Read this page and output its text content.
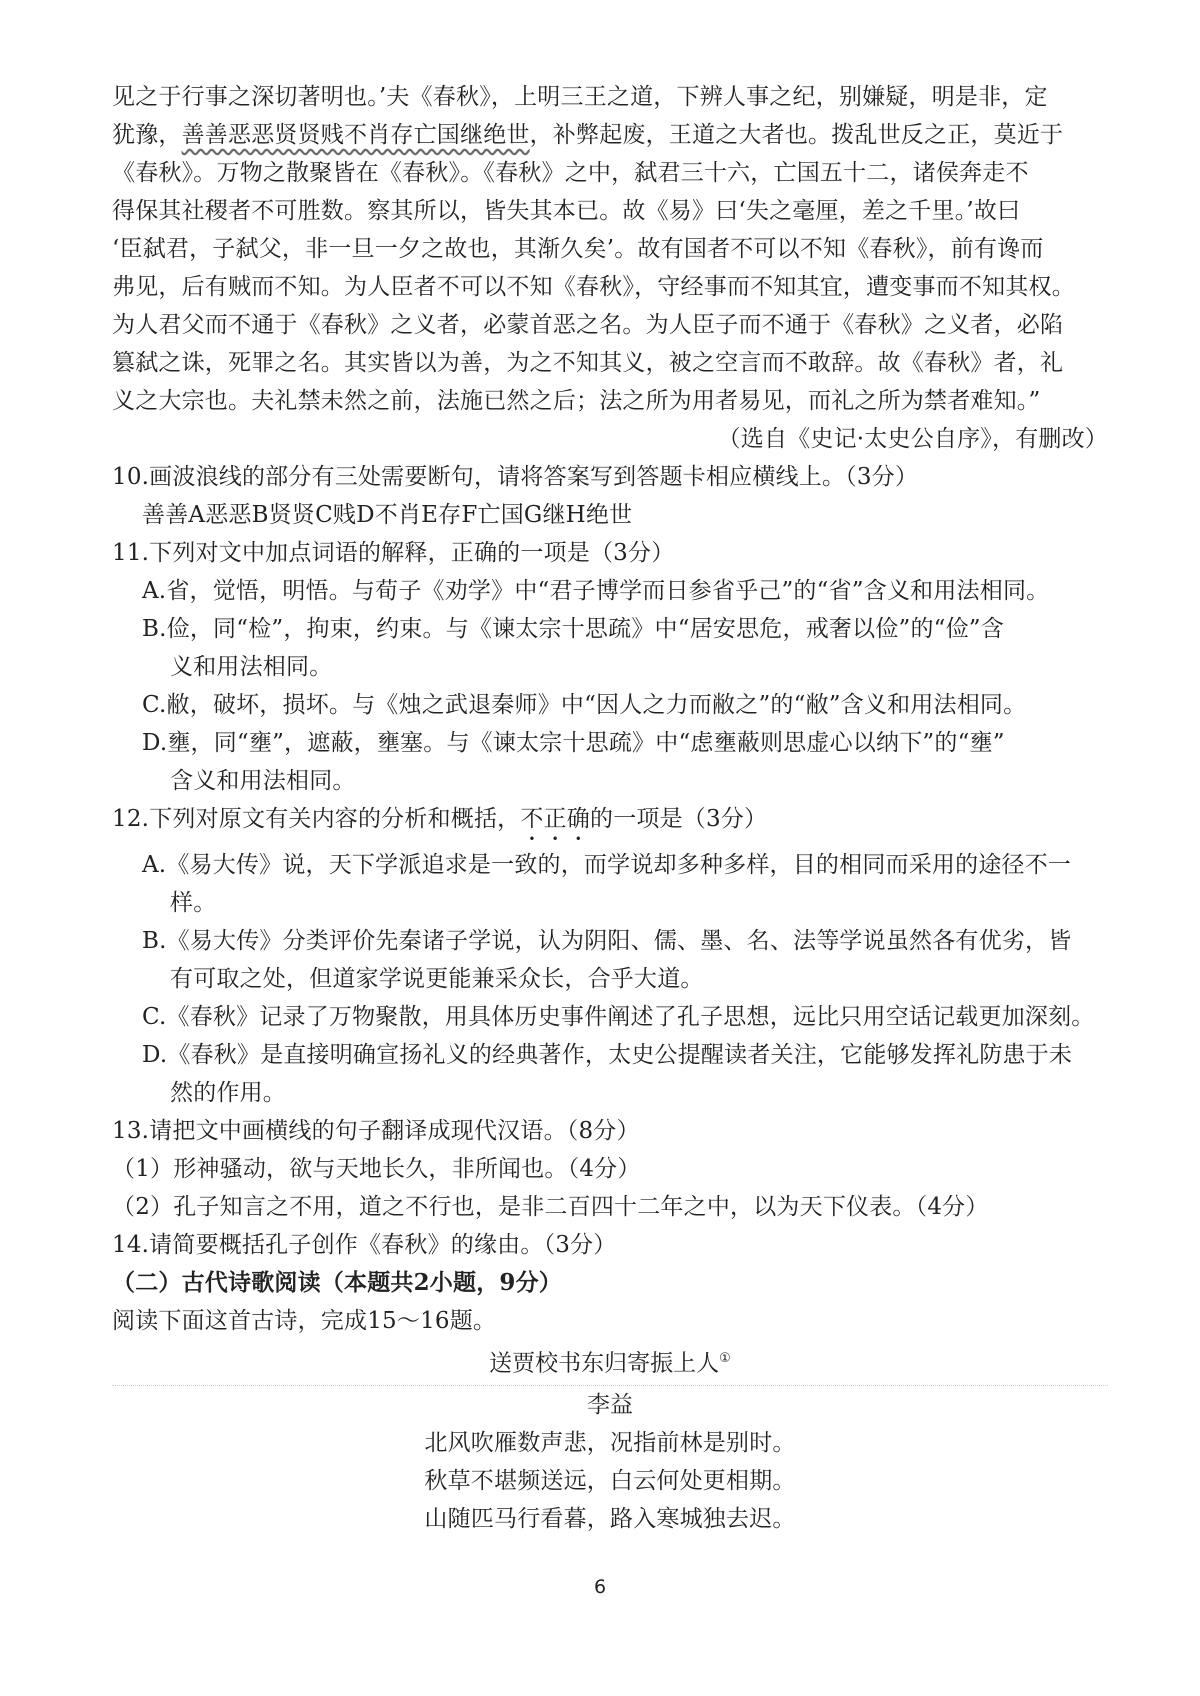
见之于行事之深切著明也。’夫《春秋》，上明三王之道，下辨人事之纪，别嫌疑，明是非，定
犹豫，善善恶恶贤贤贱不肖存亡国继绝世，补弊起废，王道之大者也。拨乱世反之正，莫近于
《春秋》。万物之散聚皆在《春秋》。《春秋》之中，弑君三十六，亡国五十二，诸侯奔走不
得保其社稷者不可胜数。察其所以，皆失其本已。故《易》曰‘失之毫厘，差之千里。’故曰
‘臣弑君，子弑父，非一旦一夕之故也，其渐久矣’。故有国者不可以不知《春秋》，前有谗而
弗见，后有贼而不知。为人臣者不可以不知《春秋》，守经事而不知其宜，遭变事而不知其权。
为人君父而不通于《春秋》之义者，必蒙首恶之名。为人臣子而不通于《春秋》之义者，必陷
篡弑之诛，死罪之名。其实皆以为善，为之不知其义，被之空言而不敢辞。故《春秋》者，礼
义之大宗也。夫礼禁未然之前，法施已然之后；法之所为用者易见，而礼之所为禁者难知。”
（选自《史记·太史公自序》，有删改）
10.画波浪线的部分有三处需要断句，请将答案写到答题卡相应横线上。（3分）
善善A恶恶B贤贤C贱D不肖E存F亡国G继H绝世
11.下列对文中加点词语的解释，正确的一项是（3分）
A.省，觉悟，明悟。与荀子《劝学》中“君子博学而日参省乎己”的“省”含义和用法相同。
B.俭，同“检”，拘束，约束。与《谏太宗十思疏》中“居安思危，戒奢以俭”的“俭”含
义和用法相同。
C.敝，破坏，损坏。与《烛之武退秦师》中“因人之力而敝之”的“敝”含义和用法相同。
D.壅，同“壅”，遮蔽，壅塞。与《谏太宗十思疏》中“虑壅蔽则思虚心以纳下”的“壅”
含义和用法相同。
12.下列对原文有关内容的分析和概括，不正确的一项是（3分）
A.《易大传》说，天下学派追求是一致的，而学说却多种多样，目的相同而采用的途径不一
样。
B.《易大传》分类评价先秦诸子学说，认为阴阳、儒、墨、名、法等学说虽然各有优劣，皆
有可取之处，但道家学说更能兼采众长，合乎大道。
C.《春秋》记录了万物聚散，用具体历史事件阐述了孔子思想，远比只用空话记载更加深刻。
D.《春秋》是直接明确宣扬礼义的经典著作，太史公提醒读者关注，它能够发挥礼防患于未
然的作用。
13.请把文中画横线的句子翻译成现代汉语。（8分）
（1）形神骚动，欲与天地长久，非所闻也。（4分）
（2）孔子知言之不用，道之不行也，是非二百四十二年之中，以为天下仪表。（4分）
14.请简要概括孔子创作《春秋》的缘由。（3分）
（二）古代诗歌阅读（本题共2小题，9分）
阅读下面这首古诗，完成15～16题。
送贾校书东归寄振上人①
李益
北风吹雁数声悲，况指前林是别时。
秋草不堪频送远，白云何处更相期。
山随匹马行看暮，路入寒城独去迟。
6
